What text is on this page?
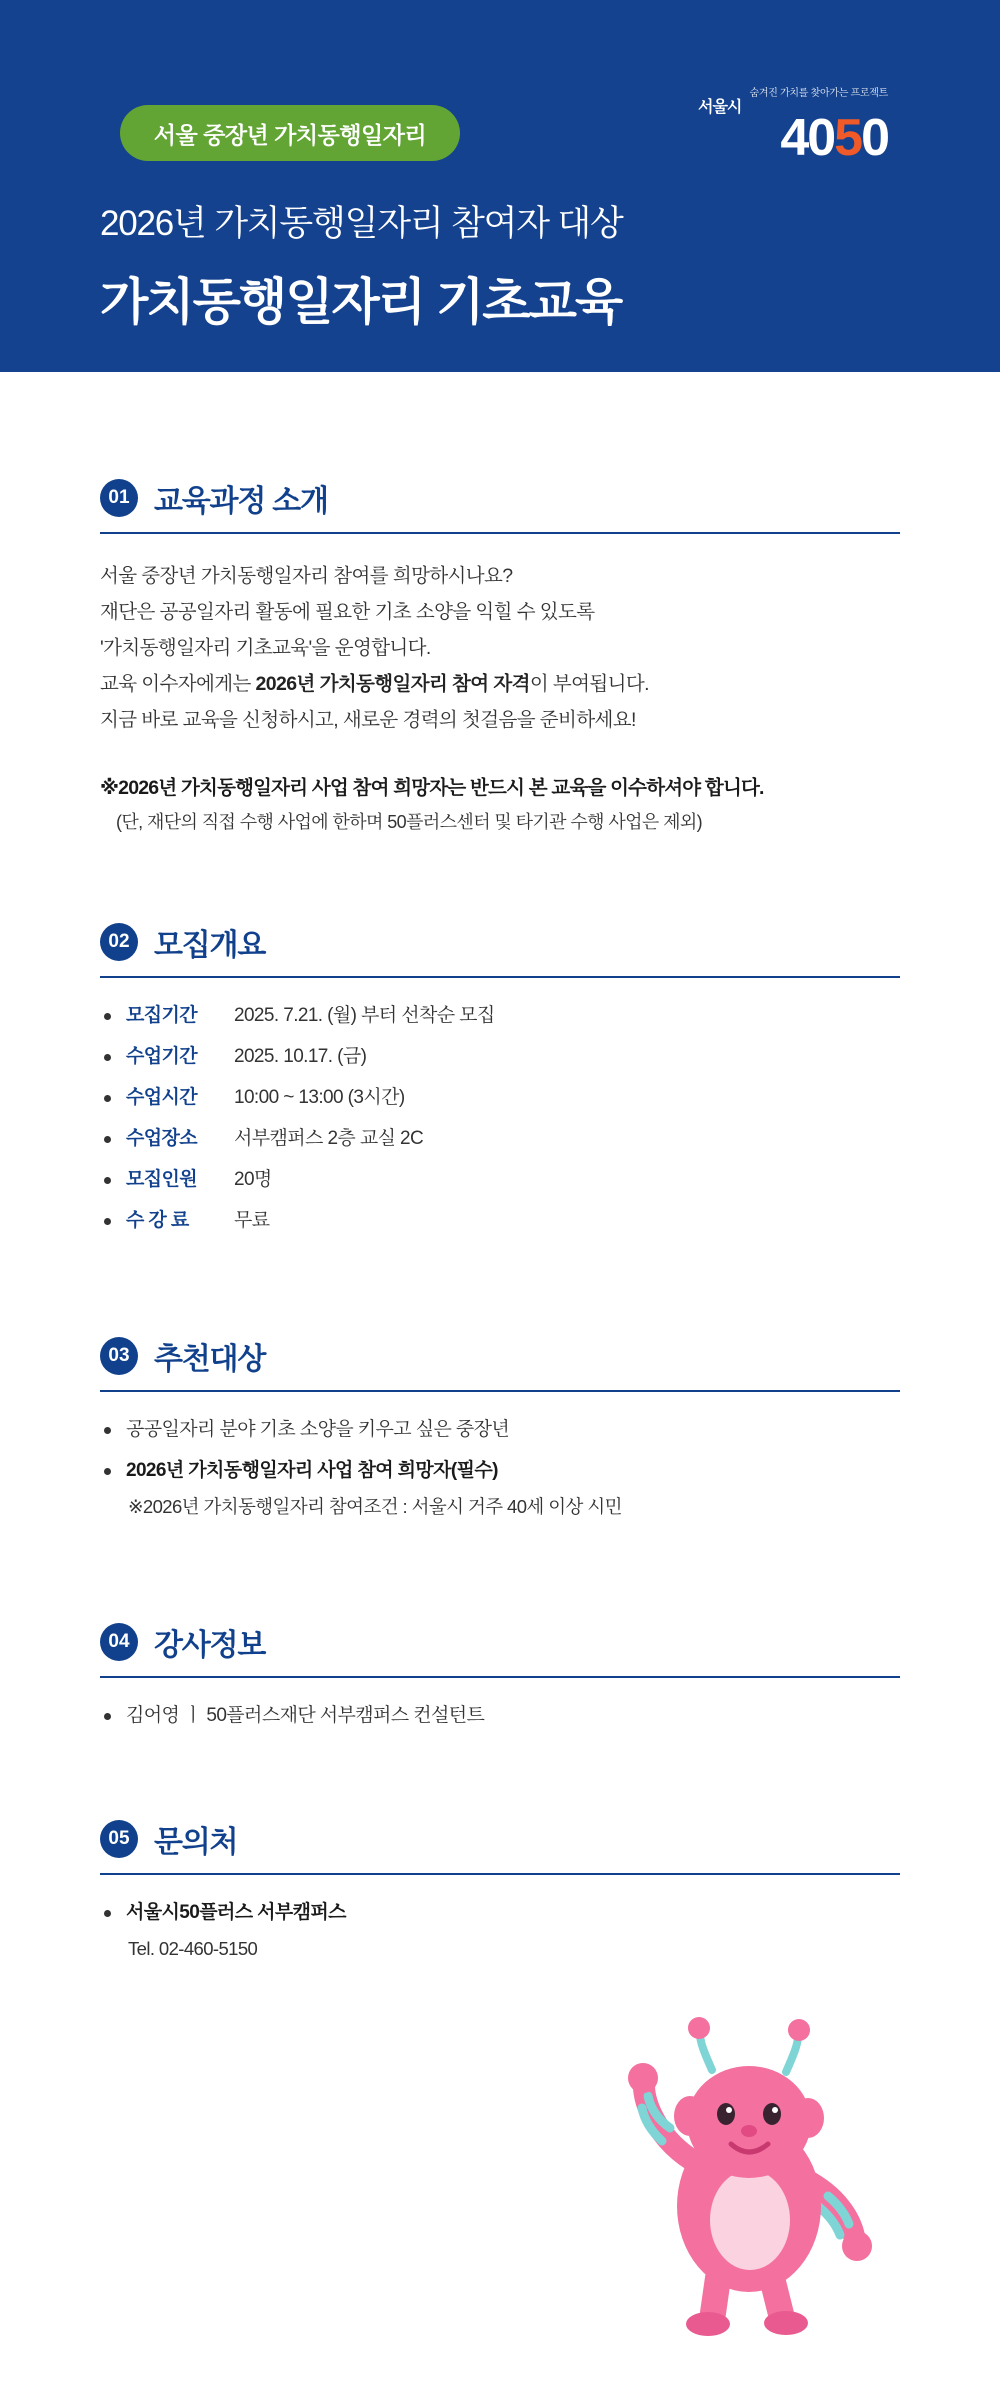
서울 중장년 가치동행일자리
숨겨진 가치를 찾아가는 프로젝트
서울시
4050
2026년 가치동행일자리 참여자 대상
가치동행일자리 기초교육
01 교육과정 소개
서울 중장년 가치동행일자리 참여를 희망하시나요?
재단은 공공일자리 활동에 필요한 기초 소양을 익힐 수 있도록
'가치동행일자리 기초교육'을 운영합니다.
교육 이수자에게는 2026년 가치동행일자리 참여 자격이 부여됩니다.
지금 바로 교육을 신청하시고, 새로운 경력의 첫걸음을 준비하세요!
※2026년 가치동행일자리 사업 참여 희망자는 반드시 본 교육을 이수하셔야 합니다.
(단, 재단의 직접 수행 사업에 한하며 50플러스센터 및 타기관 수행 사업은 제외)
02 모집개요
모집기간 2025. 7.21. (월) 부터 선착순 모집
수업기간 2025. 10.17. (금)
수업시간 10:00 ~ 13:00 (3시간)
수업장소 서부캠퍼스 2층 교실 2C
모집인원 20명
수 강 료 무료
03 추천대상
공공일자리 분야 기초 소양을 키우고 싶은 중장년
2026년 가치동행일자리 사업 참여 희망자(필수)
※2026년 가치동행일자리 참여조건 : 서울시 거주 40세 이상 시민
04 강사정보
김어영 ㅣ 50플러스재단 서부캠퍼스 컨설턴트
05 문의처
서울시50플러스 서부캠퍼스
Tel. 02-460-5150
